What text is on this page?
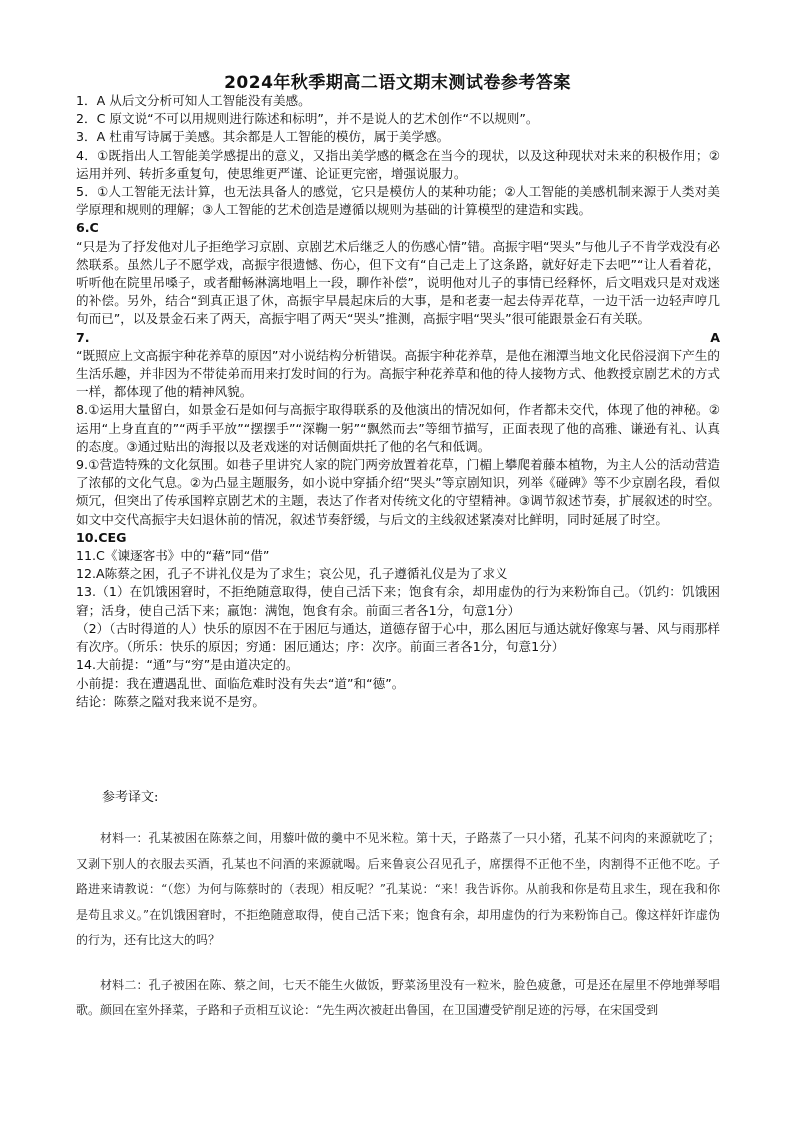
2024年秋季期高二语文期末测试卷参考答案

1．A 从后文分析可知人工智能没有美感。

2．C 原文说“不可以用规则进行陈述和标明”，并不是说人的艺术创作“不以规则”。

3．A 杜甫写诗属于美感。其余都是人工智能的模仿，属于美学感。

4．①既指出人工智能美学感提出的意义，又指出美学感的概念在当今的现状，以及这种现状对未来的积极作用；②运用并列、转折多重复句，使思维更严谨、论证更完密，增强说服力。

5．①人工智能无法计算，也无法具备人的感觉，它只是模仿人的某种功能；②人工智能的美感机制来源于人类对美学原理和规则的理解；③人工智能的艺术创造是遵循以规则为基础的计算模型的建造和实践。

6.C

“只是为了抒发他对儿子拒绝学习京剧、京剧艺术后继乏人的伤感心情”错。高振宇唱“哭头”与他儿子不肯学戏没有必然联系。虽然儿子不愿学戏，高振宇很遗憾、伤心，但下文有“自己走上了这条路，就好好走下去吧”“让人看着花，听听他在院里吊嗓子，或者酣畅淋漓地唱上一段，聊作补偿”，说明他对儿子的事情已经释怀，后文唱戏只是对戏迷的补偿。另外，结合“到真正退了休，高振宇早晨起床后的大事，是和老妻一起去侍弄花草，一边干活一边轻声哼几句而已”，以及景金石来了两天，高振宇唱了两天“哭头”推测，高振宇唱“哭头”很可能跟景金石有关联。

7.	A

“既照应上文高振宇种花养草的原因”对小说结构分析错误。高振宇种花养草，是他在湘潭当地文化民俗浸润下产生的生活乐趣，并非因为不带徒弟而用来打发时间的行为。高振宇种花养草和他的待人接物方式、他教授京剧艺术的方式一样，都体现了他的精神风貌。

8.①运用大量留白，如景金石是如何与高振宇取得联系的及他演出的情况如何，作者都未交代，体现了他的神秘。②运用“上身直直的”“两手平放”“摆摆手”“深鞠一躬”“飘然而去”等细节描写，正面表现了他的高雅、谦逊有礼、认真的态度。③通过贴出的海报以及老戏迷的对话侧面烘托了他的名气和低调。

9.①营造特殊的文化氛围。如巷子里讲究人家的院门两旁放置着花草，门楣上攀爬着藤本植物，为主人公的活动营造了浓郁的文化气息。②为凸显主题服务，如小说中穿插介绍“哭头”等京剧知识，列举《碰碑》等不少京剧名段，看似烦冗，但突出了传承国粹京剧艺术的主题，表达了作者对传统文化的守望精神。③调节叙述节奏，扩展叙述的时空。如文中交代高振宇夫妇退休前的情况，叙述节奏舒缓，与后文的主线叙述紧凑对比鲜明，同时延展了时空。

10.CEG

11.C《谏逐客书》中的“藉”同“借”

12.A陈蔡之困，孔子不讲礼仪是为了求生；哀公见，孔子遵循礼仪是为了求义

13.（1）在饥饿困窘时，不拒绝随意取得，使自己活下来；饱食有余，却用虚伪的行为来粉饰自己。（饥约：饥饿困窘；活身，使自己活下来；羸饱：满饱，饱食有余。前面三者各1分，句意1分）

（2）（古时得道的人）快乐的原因不在于困厄与通达，道德存留于心中，那么困厄与通达就好像寒与暑、风与雨那样有次序。（所乐：快乐的原因；穷通：困厄通达；序：次序。前面三者各1分，句意1分）

14.大前提：“通”与“穷”是由道决定的。

小前提：我在遭遇乱世、面临危难时没有失去“道”和“德”。

结论：陈蔡之隘对我来说不是穷。

参考译文:

材料一：孔某被困在陈蔡之间，用藜叶做的羹中不见米粒。第十天，子路蒸了一只小猪，孔某不问肉的来源就吃了；又剥下别人的衣服去买酒，孔某也不问酒的来源就喝。后来鲁哀公召见孔子，席摆得不正他不坐，肉割得不正他不吃。子路进来请教说：“（您）为何与陈蔡时的（表现）相反呢？”孔某说：“来！我告诉你。从前我和你是苟且求生，现在我和你是苟且求义。”在饥饿困窘时，不拒绝随意取得，使自己活下来；饱食有余，却用虚伪的行为来粉饰自己。像这样奸诈虚伪的行为，还有比这大的吗？

材料二：孔子被困在陈、蔡之间，七天不能生火做饭，野菜汤里没有一粒米，脸色疲惫，可是还在屋里不停地弹琴唱歌。颜回在室外择菜，子路和子贡相互议论：“先生两次被赶出鲁国，在卫国遭受铲削足迹的污辱，在宋国受到
